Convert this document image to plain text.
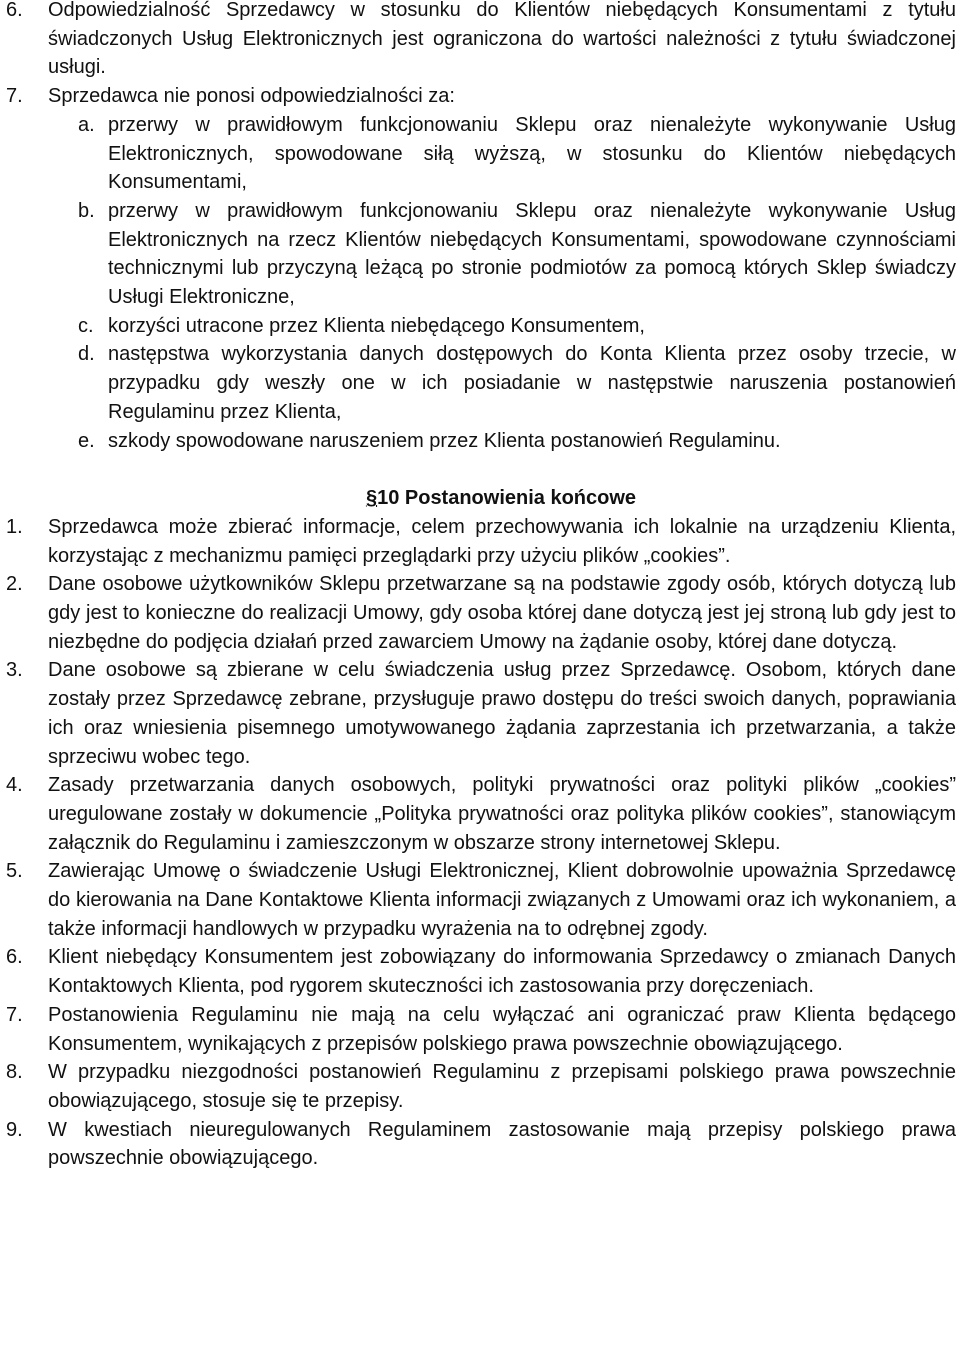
6.	Odpowiedzialność Sprzedawcy w stosunku do Klientów niebędących Konsumentami z tytułu świadczonych Usług Elektronicznych jest ograniczona do wartości należności z tytułu świadczonej usługi.
7.	Sprzedawca nie ponosi odpowiedzialności za:
a. przerwy w prawidłowym funkcjonowaniu Sklepu oraz nienależyte wykonywanie Usług Elektronicznych, spowodowane siłą wyższą, w stosunku do Klientów niebędących Konsumentami,
b. przerwy w prawidłowym funkcjonowaniu Sklepu oraz nienależyte wykonywanie Usług Elektronicznych na rzecz Klientów niebędących Konsumentami, spowodowane czynnościami technicznymi lub przyczyną leżącą po stronie podmiotów za pomocą których Sklep świadczy Usługi Elektroniczne,
c. korzyści utracone przez Klienta niebędącego Konsumentem,
d. następstwa wykorzystania danych dostępowych do Konta Klienta przez osoby trzecie, w przypadku gdy weszły one w ich posiadanie w następstwie naruszenia postanowień Regulaminu przez Klienta,
e. szkody spowodowane naruszeniem przez Klienta postanowień Regulaminu.
§10 Postanowienia końcowe
1.	Sprzedawca może zbierać informacje, celem przechowywania ich lokalnie na urządzeniu Klienta, korzystając z mechanizmu pamięci przeglądarki przy użyciu plików „cookies”.
2.	Dane osobowe użytkowników Sklepu przetwarzane są na podstawie zgody osób, których dotyczą lub gdy jest to konieczne do realizacji Umowy, gdy osoba której dane dotyczą jest jej stroną lub gdy jest to niezbędne do podjęcia działań przed zawarciem Umowy na żądanie osoby, której dane dotyczą.
3.	Dane osobowe są zbierane w celu świadczenia usług przez Sprzedawcę. Osobom, których dane zostały przez Sprzedawcę zebrane, przysługuje prawo dostępu do treści swoich danych, poprawiania ich oraz wniesienia pisemnego umotywowanego żądania zaprzestania ich przetwarzania, a także sprzeciwu wobec tego.
4.	Zasady przetwarzania danych osobowych, polityki prywatności oraz polityki plików „cookies” uregulowane zostały w dokumencie „Polityka prywatności oraz polityka plików cookies”, stanowiącym załącznik do Regulaminu i zamieszczonym w obszarze strony internetowej Sklepu.
5.	Zawierając Umowę o świadczenie Usługi Elektronicznej, Klient dobrowolnie upoważnia Sprzedawcę do kierowania na Dane Kontaktowe Klienta informacji związanych z Umowami oraz ich wykonaniem, a także informacji handlowych w przypadku wyrażenia na to odrębnej zgody.
6.	Klient niebędący Konsumentem jest zobowiązany do informowania Sprzedawcy o zmianach Danych Kontaktowych Klienta, pod rygorem skuteczności ich zastosowania przy doręczeniach.
7.	Postanowienia Regulaminu nie mają na celu wyłączać ani ograniczać praw Klienta będącego Konsumentem, wynikających z przepisów polskiego prawa powszechnie obowiązującego.
8.	W przypadku niezgodności postanowień Regulaminu z przepisami polskiego prawa powszechnie obowiązującego, stosuje się te przepisy.
9.	W kwestiach nieuregulowanych Regulaminem zastosowanie mają przepisy polskiego prawa powszechnie obowiązującego.
